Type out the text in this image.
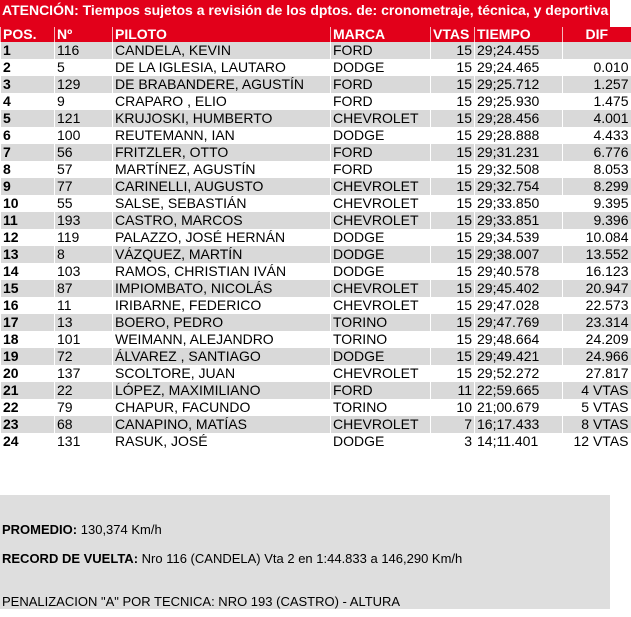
ATENCIÓN: Tiempos sujetos a revisión de los dptos. de: cronometraje, técnica, y deportiva
POS.	Nº	PILOTO	MARCA	VTAS	TIEMPO	DIF
1	116	CANDELA, KEVIN	FORD	15	29;24.455	
2	5	DE LA IGLESIA, LAUTARO	DODGE	15	29;24.465	0.010
3	129	DE BRABANDERE, AGUSTÍN	FORD	15	29;25.712	1.257
4	9	CRAPARO , ELIO	FORD	15	29;25.930	1.475
5	121	KRUJOSKI, HUMBERTO	CHEVROLET	15	29;28.456	4.001
6	100	REUTEMANN, IAN	DODGE	15	29;28.888	4.433
7	56	FRITZLER, OTTO	FORD	15	29;31.231	6.776
8	57	MARTÍNEZ, AGUSTÍN	FORD	15	29;32.508	8.053
9	77	CARINELLI, AUGUSTO	CHEVROLET	15	29;32.754	8.299
10	55	SALSE, SEBASTIÁN	CHEVROLET	15	29;33.850	9.395
11	193	CASTRO, MARCOS	CHEVROLET	15	29;33.851	9.396
12	119	PALAZZO, JOSÉ HERNÁN	DODGE	15	29;34.539	10.084
13	8	VÁZQUEZ, MARTÍN	DODGE	15	29;38.007	13.552
14	103	RAMOS, CHRISTIAN IVÁN	DODGE	15	29;40.578	16.123
15	87	IMPIOMBATO, NICOLÁS	CHEVROLET	15	29;45.402	20.947
16	11	IRIBARNE, FEDERICO	CHEVROLET	15	29;47.028	22.573
17	13	BOERO, PEDRO	TORINO	15	29;47.769	23.314
18	101	WEIMANN, ALEJANDRO	TORINO	15	29;48.664	24.209
19	72	ÁLVAREZ , SANTIAGO	DODGE	15	29;49.421	24.966
20	137	SCOLTORE, JUAN	CHEVROLET	15	29;52.272	27.817
21	22	LÓPEZ, MAXIMILIANO	FORD	11	22;59.665	4 VTAS
22	79	CHAPUR, FACUNDO	TORINO	10	21;00.679	5 VTAS
23	68	CANAPINO, MATÍAS	CHEVROLET	7	16;17.433	8 VTAS
24	131	RASUK, JOSÉ	DODGE	3	14;11.401	12 VTAS
PROMEDIO: 130,374 Km/h
RECORD DE VUELTA: Nro 116 (CANDELA) Vta 2 en 1:44.833 a 146,290 Km/h
PENALIZACION "A" POR TECNICA: NRO 193 (CASTRO) - ALTURA
